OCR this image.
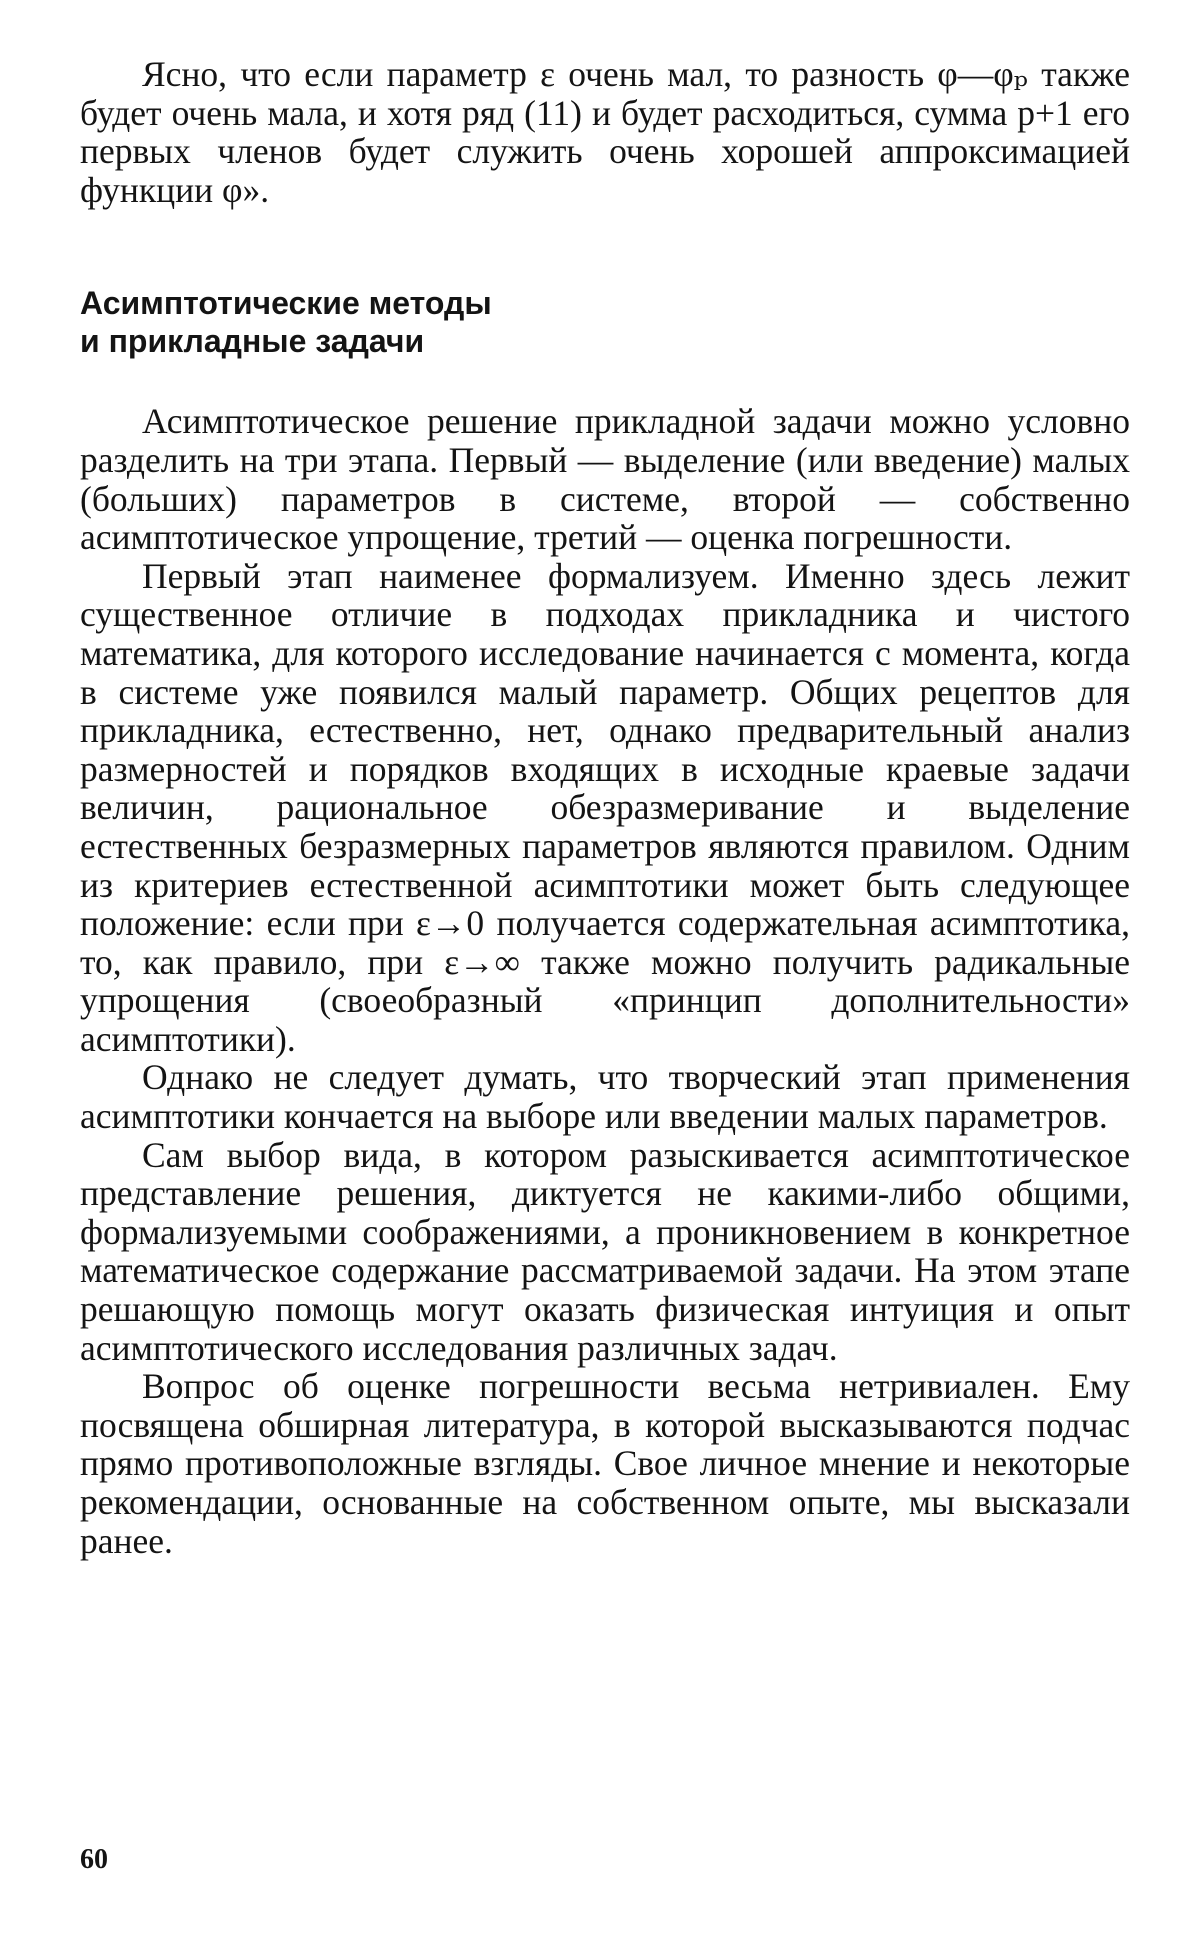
Ясно, что если параметр ε очень мал, то разность φ—φₚ также будет очень мала, и хотя ряд (11) и будет расходиться, сумма p+1 его первых членов будет служить очень хорошей аппроксимацией функции φ».

Асимптотические методы
и прикладные задачи

Асимптотическое решение прикладной задачи можно условно разделить на три этапа. Первый — выделение (или введение) малых (больших) параметров в системе, второй — собственно асимптотическое упрощение, третий — оценка погрешности.

Первый этап наименее формализуем. Именно здесь лежит существенное отличие в подходах прикладника и чистого математика, для которого исследование начинается с момента, когда в системе уже появился малый параметр. Общих рецептов для прикладника, естественно, нет, однако предварительный анализ размерностей и порядков входящих в исходные краевые задачи величин, рациональное обезразмеривание и выделение естественных безразмерных параметров являются правилом. Одним из критериев естественной асимптотики может быть следующее положение: если при ε→0 получается содержательная асимптотика, то, как правило, при ε→∞ также можно получить радикальные упрощения (своеобразный «принцип дополнительности» асимптотики).

Однако не следует думать, что творческий этап применения асимптотики кончается на выборе или введении малых параметров.

Сам выбор вида, в котором разыскивается асимптотическое представление решения, диктуется не какими-либо общими, формализуемыми соображениями, а проникновением в конкретное математическое содержание рассматриваемой задачи. На этом этапе решающую помощь могут оказать физическая интуиция и опыт асимптотического исследования различных задач.

Вопрос об оценке погрешности весьма нетривиален. Ему посвящена обширная литература, в которой высказываются подчас прямо противоположные взгляды. Свое личное мнение и некоторые рекомендации, основанные на собственном опыте, мы высказали ранее.

60
